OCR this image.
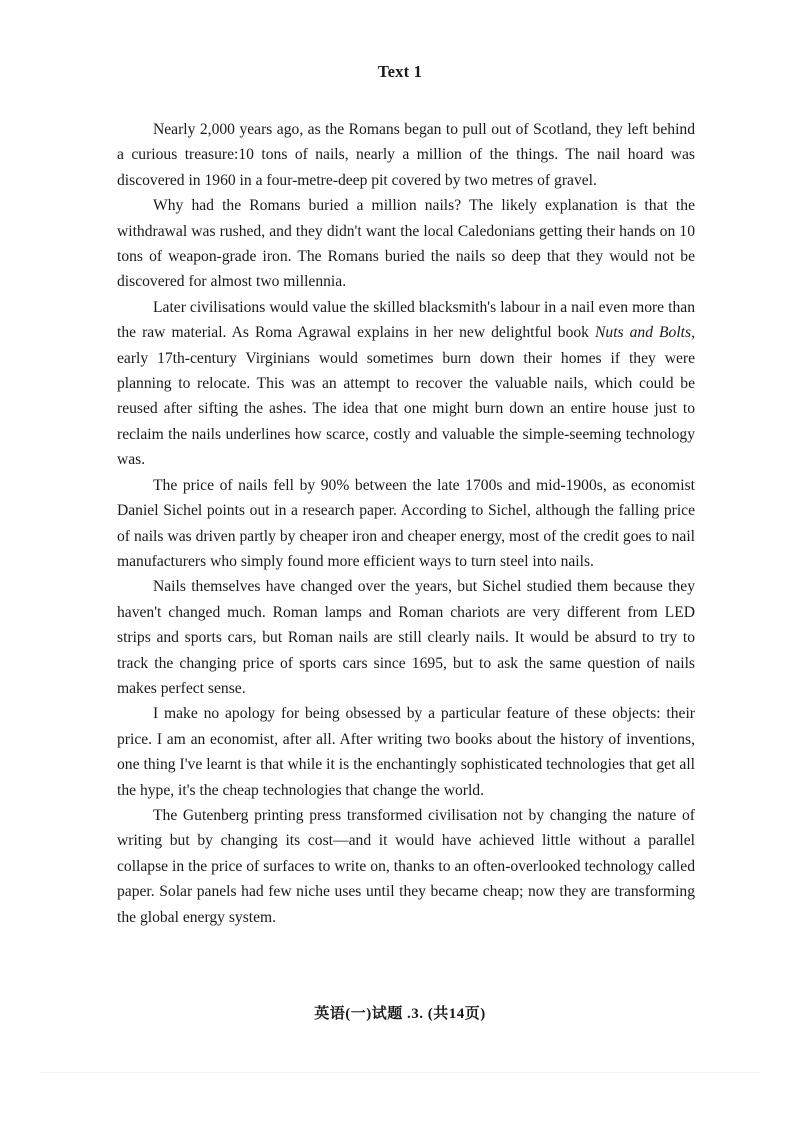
Text 1

Nearly 2,000 years ago, as the Romans began to pull out of Scotland, they left behind a curious treasure:10 tons of nails, nearly a million of the things. The nail hoard was discovered in 1960 in a four-metre-deep pit covered by two metres of gravel.

Why had the Romans buried a million nails? The likely explanation is that the withdrawal was rushed, and they didn't want the local Caledonians getting their hands on 10 tons of weapon-grade iron. The Romans buried the nails so deep that they would not be discovered for almost two millennia.

Later civilisations would value the skilled blacksmith's labour in a nail even more than the raw material. As Roma Agrawal explains in her new delightful book Nuts and Bolts, early 17th-century Virginians would sometimes burn down their homes if they were planning to relocate. This was an attempt to recover the valuable nails, which could be reused after sifting the ashes. The idea that one might burn down an entire house just to reclaim the nails underlines how scarce, costly and valuable the simple-seeming technology was.

The price of nails fell by 90% between the late 1700s and mid-1900s, as economist Daniel Sichel points out in a research paper. According to Sichel, although the falling price of nails was driven partly by cheaper iron and cheaper energy, most of the credit goes to nail manufacturers who simply found more efficient ways to turn steel into nails.

Nails themselves have changed over the years, but Sichel studied them because they haven't changed much. Roman lamps and Roman chariots are very different from LED strips and sports cars, but Roman nails are still clearly nails. It would be absurd to try to track the changing price of sports cars since 1695, but to ask the same question of nails makes perfect sense.

I make no apology for being obsessed by a particular feature of these objects: their price. I am an economist, after all. After writing two books about the history of inventions, one thing I've learnt is that while it is the enchantingly sophisticated technologies that get all the hype, it's the cheap technologies that change the world.

The Gutenberg printing press transformed civilisation not by changing the nature of writing but by changing its cost—and it would have achieved little without a parallel collapse in the price of surfaces to write on, thanks to an often-overlooked technology called paper. Solar panels had few niche uses until they became cheap; now they are transforming the global energy system.

英语(一)试题 .3. (共14页)
